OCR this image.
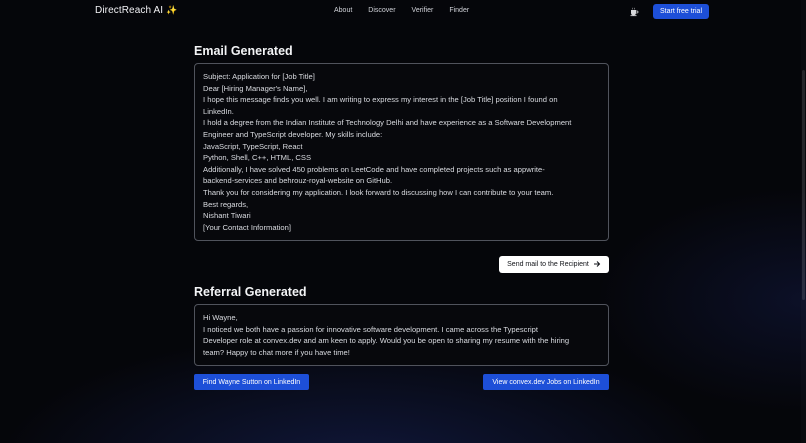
DirectReach AI ✨	About Discover Verifier Finder	Start free trial
Email Generated
Subject: Application for [Job Title]
Dear [Hiring Manager's Name],
I hope this message finds you well. I am writing to express my interest in the [Job Title] position I found on
LinkedIn.
I hold a degree from the Indian Institute of Technology Delhi and have experience as a Software Development
Engineer and TypeScript developer. My skills include:
JavaScript, TypeScript, React
Python, Shell, C++, HTML, CSS
Additionally, I have solved 450 problems on LeetCode and have completed projects such as appwrite-
backend-services and behrouz-royal-website on GitHub.
Thank you for considering my application. I look forward to discussing how I can contribute to your team.
Best regards,
Nishant Tiwari
[Your Contact Information]
Send mail to the Recipient
Referral Generated
Hi Wayne,
I noticed we both have a passion for innovative software development. I came across the Typescript
Developer role at convex.dev and am keen to apply. Would you be open to sharing my resume with the hiring
team? Happy to chat more if you have time!
Find Wayne Sutton on LinkedIn	View convex.dev Jobs on LinkedIn
